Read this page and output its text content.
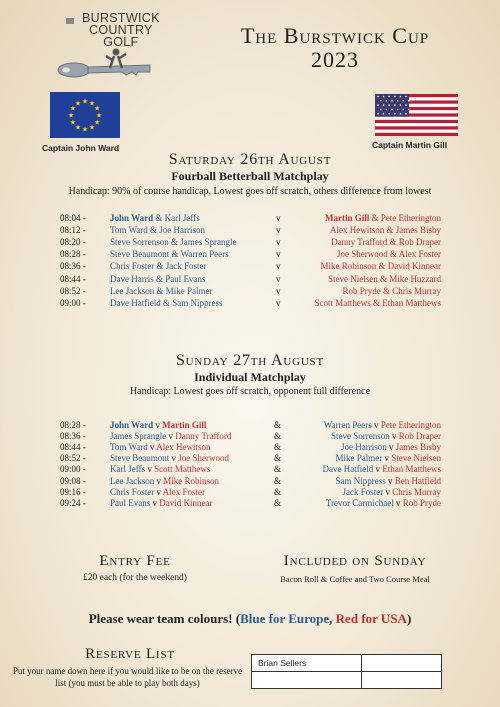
BURSTWICK
COUNTRY
GOLF	The Burstwick Cup
2023
★ ★
★
★
★
★
★
★
★
★
★
★
Captain John Ward	Captain Martin Gill
Saturday 26th August
Fourball Betterball Matchplay
Handicap: 90% of course handicap, Lowest goes off scratch, others difference from lowest
08:04 -	John Ward & Karl Jeffs	v	Martin Gill & Pete Etherington
08:12 -	Tom Ward & Joe Harrison	v	Alex Hewitson & James Bisby
08:20 -	Steve Sorrenson & James Sprangle	v	Danny Trafford & Rob Draper
08:28 -	Steve Beaumont & Warren Peers	v	Joe Sherwood & Alex Foster
08:36 -	Chris Foster & Jack Foster	v	Mike Robinson & David Kinnear
08:44 -	Dave Harris & Paul Evans	v	Steve Nielsen & Mike Huzzard
08:52 -	Lee Jackson & Mike Palmer	v	Rob Pryde & Chris Murray
09:00 -	Dave Hatfield & Sam Nippress	v	Scott Matthews & Ethan Matthews
Sunday 27th August
Individual Matchplay
Handicap: Lowest goes off scratch, opponent full difference
08:28 -	John Ward v Martin Gill	&	Warren Peers v Pete Etherington
08:36 -	James Sprangle v Danny Trafford	&	Steve Sorrenson v Rob Draper
08:44 -	Tom Ward v Alex Hewitson	&	Joe Harrison v James Bisby
08:52 -	Steve Beaumont v Joe Sherwood	&	Mike Palmer v Steve Nielsen
09:00 -	Karl Jeffs v Scott Matthews	&	Dave Hatfield v Ethan Matthews
09:08 -	Lee Jackson v Mike Robinson	&	Sam Nippress v Ben Hatfield
09:16 -	Chris Foster v Alex Foster	&	Jack Foster v Chris Murray
09:24 -	Paul Evans v David Kinnear	&	Trevor Carmichael v Rob Pryde
Entry Fee
£20 each (for the weekend)
Included on Sunday
Bacon Roll & Coffee and Two Course Meal
Please wear team colours! (Blue for Europe, Red for USA)
Reserve List
Put your name down here if you would like to be on the reserve list (you must be able to play both days)
Brian Sellers	
